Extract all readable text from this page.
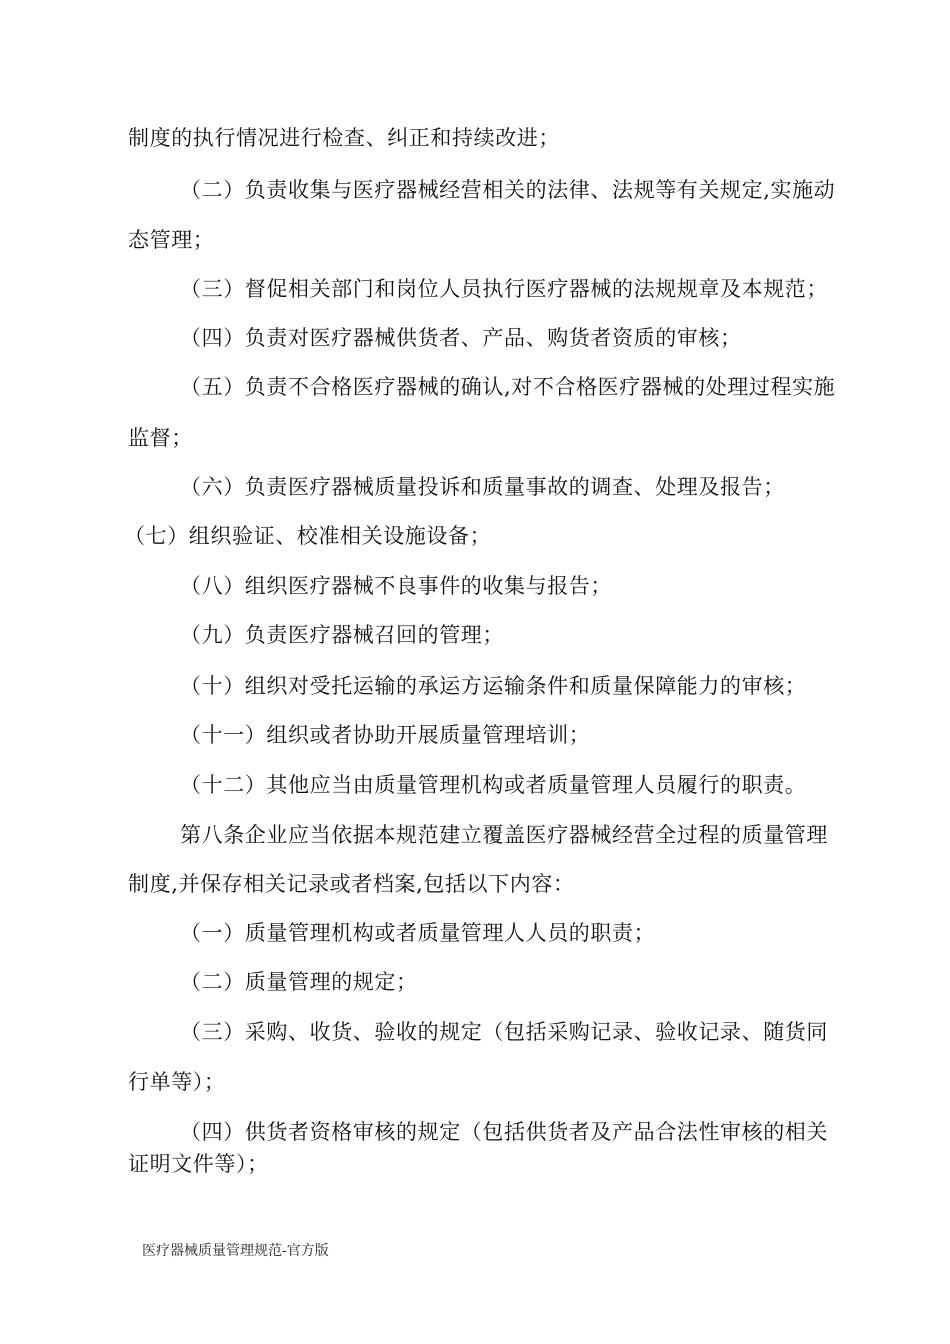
制度的执行情况进行检查、纠正和持续改进；
（二）负责收集与医疗器械经营相关的法律、法规等有关规定,实施动
态管理；
（三）督促相关部门和岗位人员执行医疗器械的法规规章及本规范；
（四）负责对医疗器械供货者、产品、购货者资质的审核；
（五）负责不合格医疗器械的确认,对不合格医疗器械的处理过程实施
监督；
（六）负责医疗器械质量投诉和质量事故的调查、处理及报告；
（七）组织验证、校准相关设施设备；
（八）组织医疗器械不良事件的收集与报告；
（九）负责医疗器械召回的管理；
（十）组织对受托运输的承运方运输条件和质量保障能力的审核；
（十一）组织或者协助开展质量管理培训；
（十二）其他应当由质量管理机构或者质量管理人员履行的职责。
第八条企业应当依据本规范建立覆盖医疗器械经营全过程的质量管理
制度,并保存相关记录或者档案,包括以下内容：
（一）质量管理机构或者质量管理人人员的职责；
（二）质量管理的规定；
（三）采购、收货、验收的规定（包括采购记录、验收记录、随货同
行单等）；
（四）供货者资格审核的规定（包括供货者及产品合法性审核的相关
证明文件等）；
医疗器械质量管理规范-官方版
